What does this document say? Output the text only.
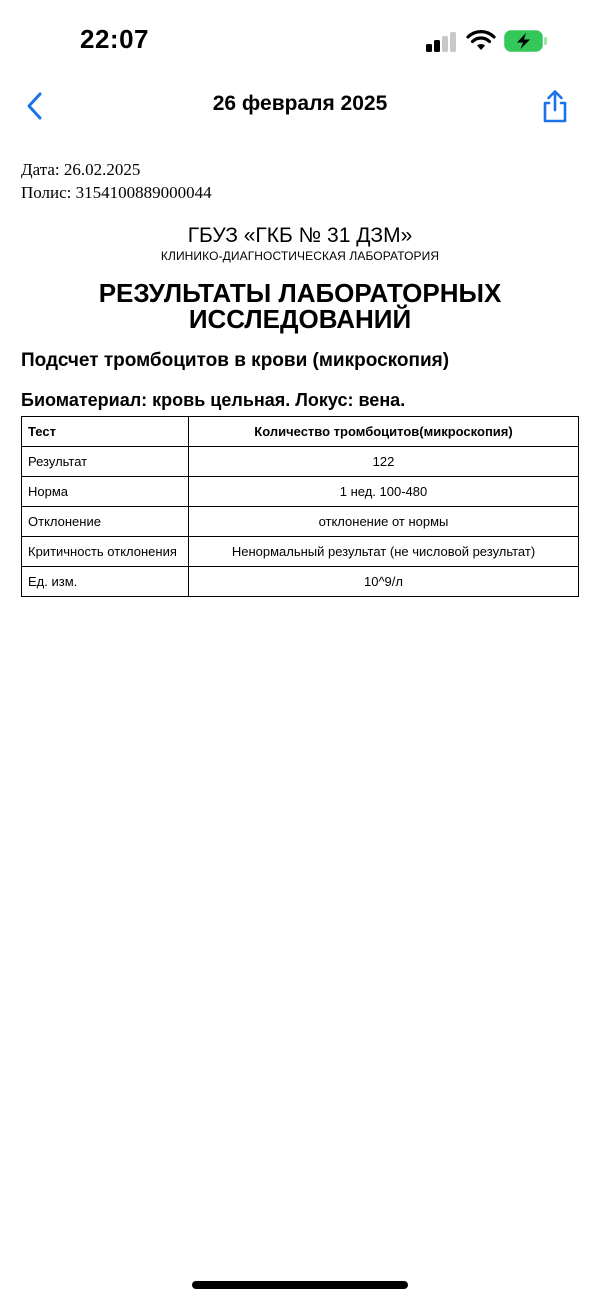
22:07
26 февраля 2025

Дата: 26.02.2025

Полис: 3154100889000044

ГБУЗ «ГКБ № 31 ДЗМ»
КЛИНИКО-ДИАГНОСТИЧЕСКАЯ ЛАБОРАТОРИЯ
РЕЗУЛЬТАТЫ ЛАБОРАТОРНЫХ ИССЛЕДОВАНИЙ
Подсчет тромбоцитов в крови (микроскопия)
Биоматериал: кровь цельная. Локус: вена.
Тест	Количество тромбоцитов(микроскопия)
Результат	122
Норма	1 нед. 100-480
Отклонение	отклонение от нормы
Критичность отклонения	Ненормальный результат (не числовой результат)
Ед. изм.	10^9/л
